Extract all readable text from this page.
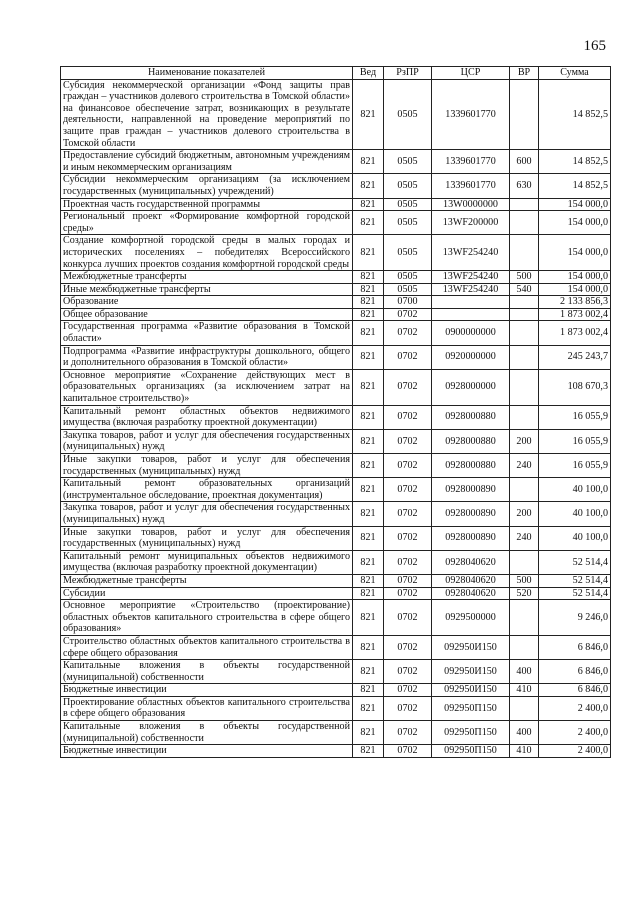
165
Наименование показателей	Вед	РзПР	ЦСР	ВР	Сумма
Субсидия некоммерческой организации «Фонд защиты прав граждан – участников долевого строительства в Томской области» на финансовое обеспечение затрат, возникающих в результате деятельности, направленной на проведение мероприятий по защите прав граждан – участников долевого строительства в Томской области	821	0505	1339601770		14 852,5
Предоставление субсидий бюджетным, автономным учреждениям и иным некоммерческим организациям	821	0505	1339601770	600	14 852,5
Субсидии некоммерческим организациям (за исключением государственных (муниципальных) учреждений)	821	0505	1339601770	630	14 852,5
Проектная часть государственной программы	821	0505	13W0000000		154 000,0
Региональный проект «Формирование комфортной городской среды»	821	0505	13WF200000		154 000,0
Создание комфортной городской среды в малых городах и исторических поселениях – победителях Всероссийского конкурса лучших проектов создания комфортной городской среды	821	0505	13WF254240		154 000,0
Межбюджетные трансферты	821	0505	13WF254240	500	154 000,0
Иные межбюджетные трансферты	821	0505	13WF254240	540	154 000,0
Образование	821	0700			2 133 856,3
Общее образование	821	0702			1 873 002,4
Государственная программа «Развитие образования в Томской области»	821	0702	0900000000		1 873 002,4
Подпрограмма «Развитие инфраструктуры дошкольного, общего и дополнительного образования в Томской области»	821	0702	0920000000		245 243,7
Основное мероприятие «Сохранение действующих мест в образовательных организациях (за исключением затрат на капитальное строительство)»	821	0702	0928000000		108 670,3
Капитальный ремонт областных объектов недвижимого имущества (включая разработку проектной документации)	821	0702	0928000880		16 055,9
Закупка товаров, работ и услуг для обеспечения государственных (муниципальных) нужд	821	0702	0928000880	200	16 055,9
Иные закупки товаров, работ и услуг для обеспечения государственных (муниципальных) нужд	821	0702	0928000880	240	16 055,9
Капитальный ремонт образовательных организаций (инструментальное обследование, проектная документация)	821	0702	0928000890		40 100,0
Закупка товаров, работ и услуг для обеспечения государственных (муниципальных) нужд	821	0702	0928000890	200	40 100,0
Иные закупки товаров, работ и услуг для обеспечения государственных (муниципальных) нужд	821	0702	0928000890	240	40 100,0
Капитальный ремонт муниципальных объектов недвижимого имущества (включая разработку проектной документации)	821	0702	0928040620		52 514,4
Межбюджетные трансферты	821	0702	0928040620	500	52 514,4
Субсидии	821	0702	0928040620	520	52 514,4
Основное мероприятие «Строительство (проектирование) областных объектов капитального строительства в сфере общего образования»	821	0702	0929500000		9 246,0
Строительство областных объектов капитального строительства в сфере общего образования	821	0702	092950И150		6 846,0
Капитальные вложения в объекты государственной (муниципальной) собственности	821	0702	092950И150	400	6 846,0
Бюджетные инвестиции	821	0702	092950И150	410	6 846,0
Проектирование областных объектов капитального строительства в сфере общего образования	821	0702	092950П150		2 400,0
Капитальные вложения в объекты государственной (муниципальной) собственности	821	0702	092950П150	400	2 400,0
Бюджетные инвестиции	821	0702	092950П150	410	2 400,0
